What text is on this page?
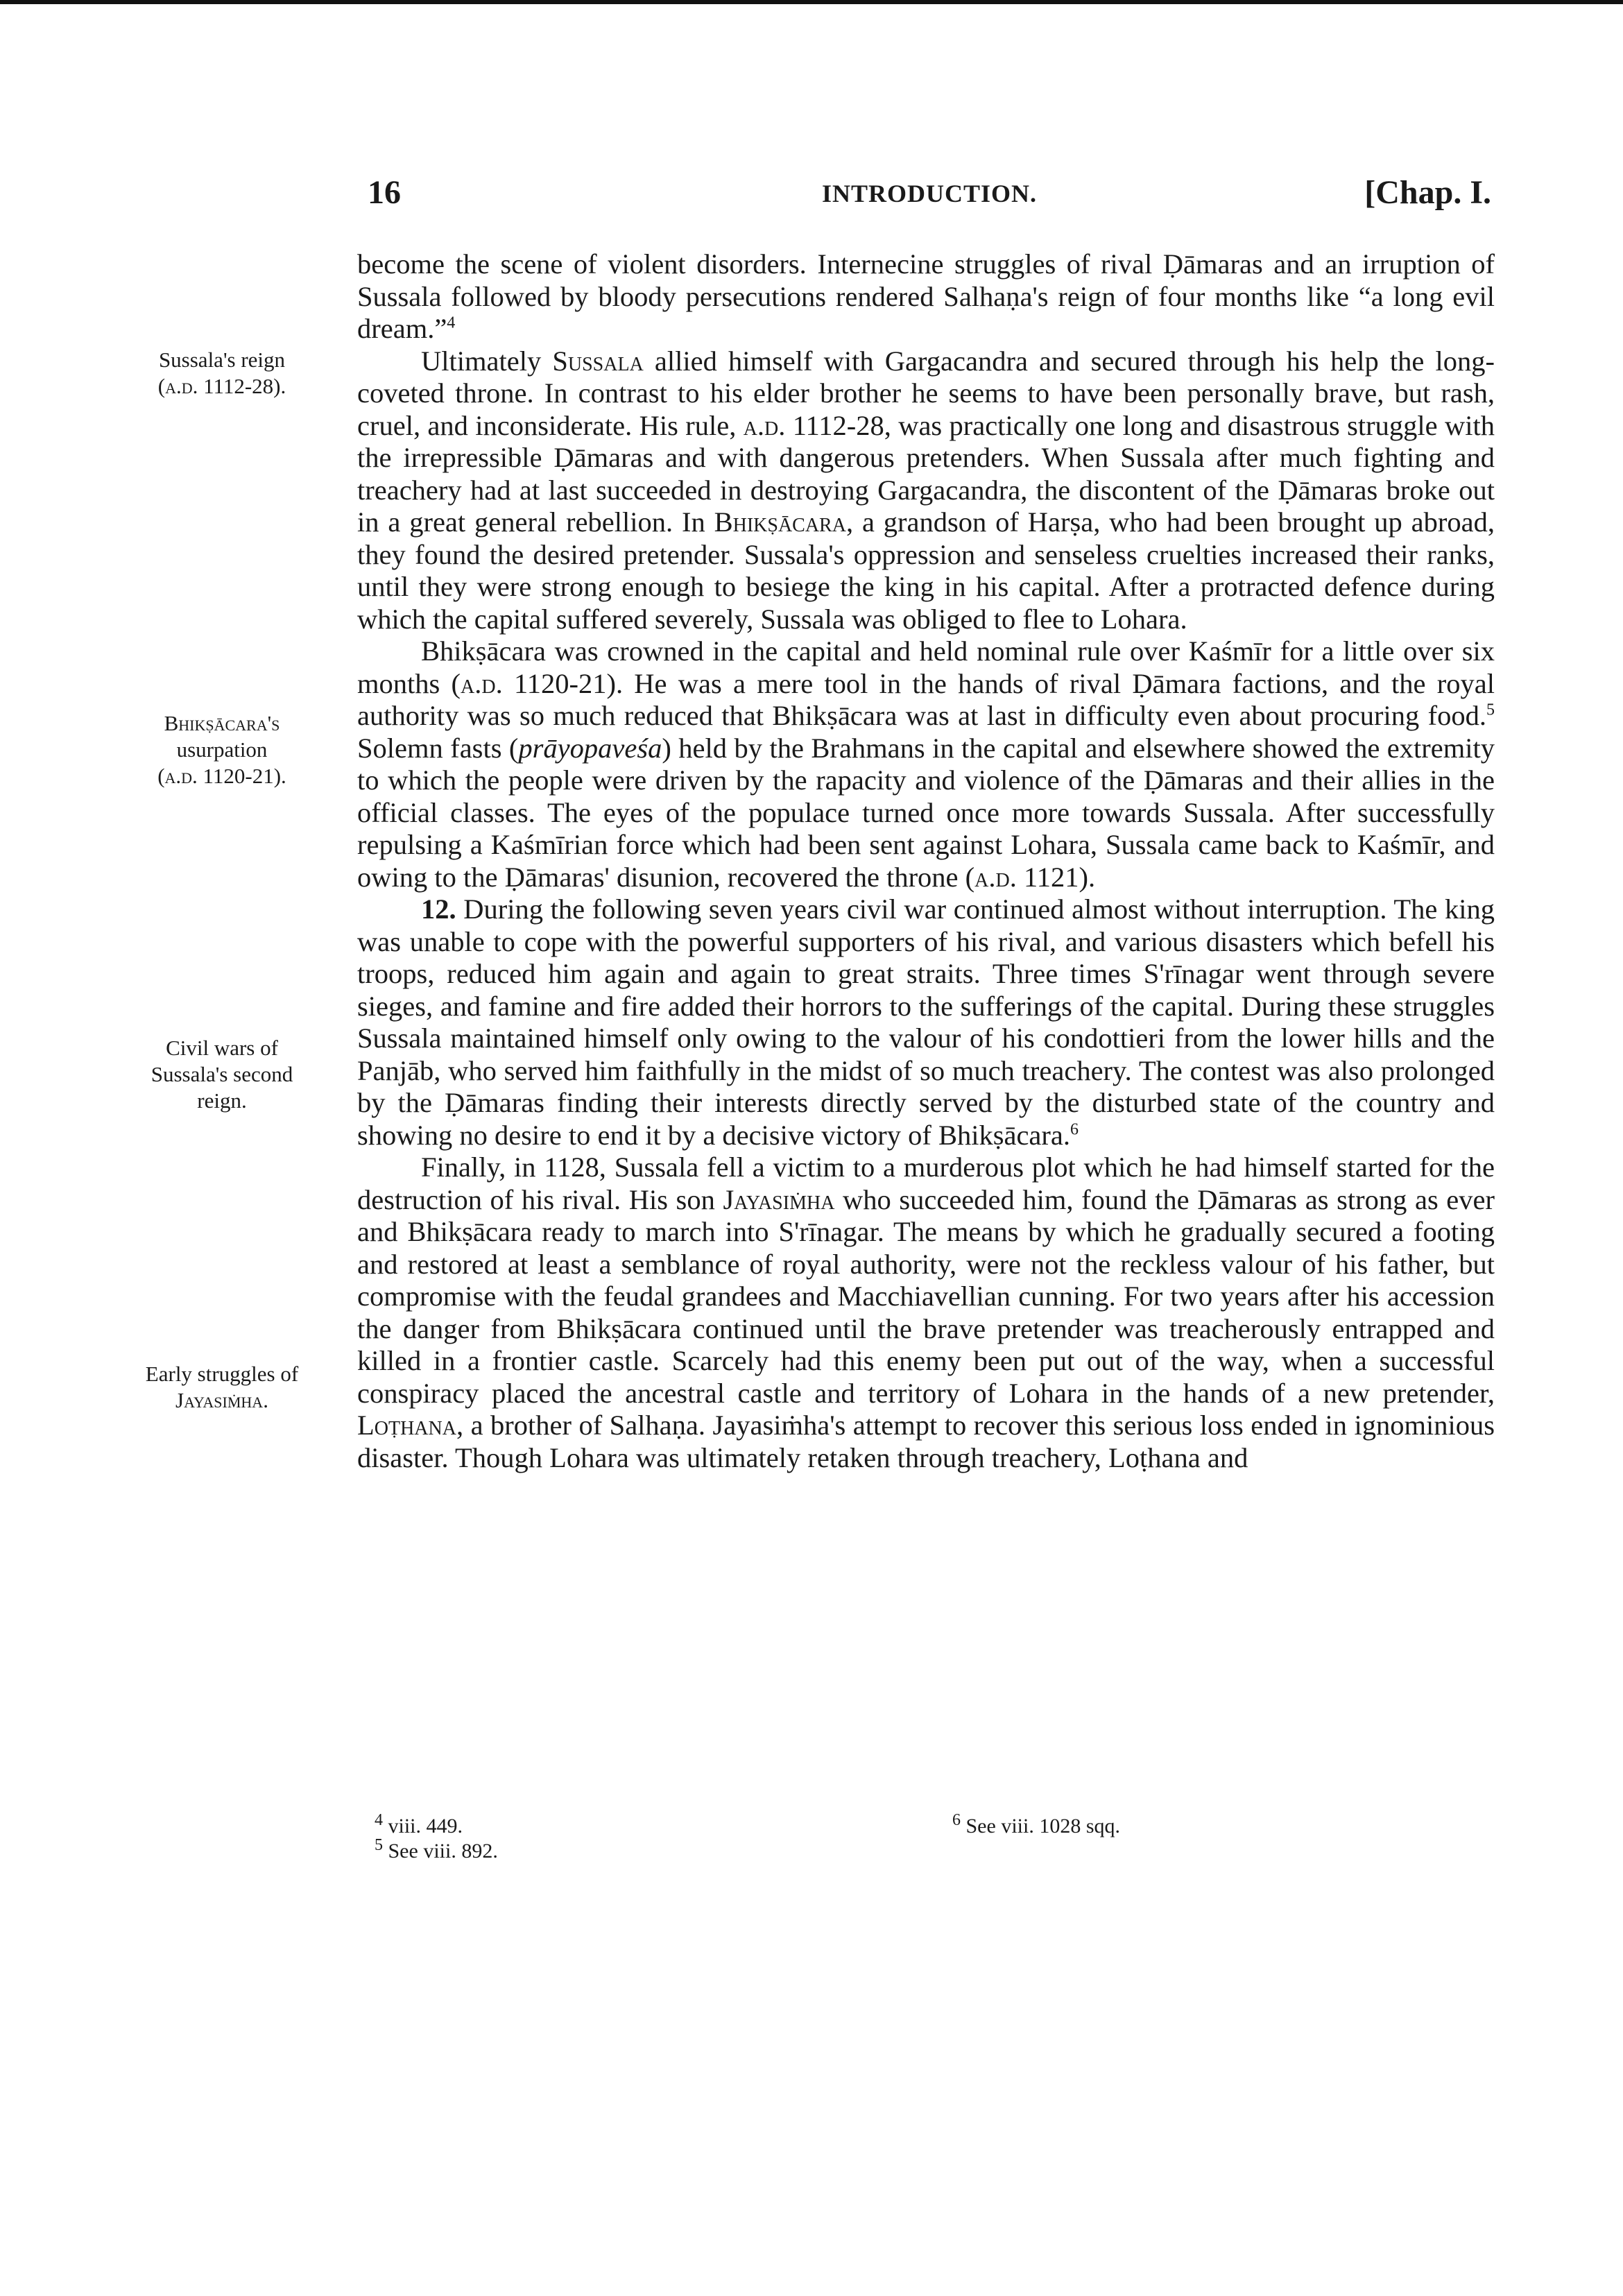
16	INTRODUCTION.	[Chap. I.
Sussala's reign
(a.d. 1112-28).
Bhikṣācara's
usurpation
(a.d. 1120-21).
Civil wars of
Sussala's second
reign.
Early struggles of
Jayasiṁha.

become the scene of violent disorders. Internecine struggles of rival Ḍāmaras and an irruption of Sussala followed by bloody persecutions rendered Salhaṇa's reign of four months like “a long evil dream.”$^4$

Ultimately Sussala allied himself with Gargacandra and secured through his help the long-coveted throne. In contrast to his elder brother he seems to have been personally brave, but rash, cruel, and inconsiderate. His rule, a.d. 1112-28, was practically one long and disastrous struggle with the irrepressible Ḍāmaras and with dangerous pretenders. When Sussala after much fighting and treachery had at last succeeded in destroying Gargacandra, the discontent of the Ḍāmaras broke out in a great general rebellion. In Bhikṣācara, a grandson of Harṣa, who had been brought up abroad, they found the desired pretender. Sussala's oppression and senseless cruelties increased their ranks, until they were strong enough to besiege the king in his capital. After a protracted defence during which the capital suffered severely, Sussala was obliged to flee to Lohara.

Bhikṣācara was crowned in the capital and held nominal rule over Kaśmīr for a little over six months (a.d. 1120-21). He was a mere tool in the hands of rival Ḍāmara factions, and the royal authority was so much reduced that Bhikṣācara was at last in difficulty even about procuring food.$^5$ Solemn fasts (prāyopaveśa) held by the Brahmans in the capital and elsewhere showed the extremity to which the people were driven by the rapacity and violence of the Ḍāmaras and their allies in the official classes. The eyes of the populace turned once more towards Sussala. After successfully repulsing a Kaśmīrian force which had been sent against Lohara, Sussala came back to Kaśmīr, and owing to the Ḍāmaras' disunion, recovered the throne (a.d. 1121).

12. During the following seven years civil war continued almost without interruption. The king was unable to cope with the powerful supporters of his rival, and various disasters which befell his troops, reduced him again and again to great straits. Three times S'rīnagar went through severe sieges, and famine and fire added their horrors to the sufferings of the capital. During these struggles Sussala maintained himself only owing to the valour of his condottieri from the lower hills and the Panjāb, who served him faithfully in the midst of so much treachery. The contest was also prolonged by the Ḍāmaras finding their interests directly served by the disturbed state of the country and showing no desire to end it by a decisive victory of Bhikṣācara.$^6$

Finally, in 1128, Sussala fell a victim to a murderous plot which he had himself started for the destruction of his rival. His son Jayasiṁha who succeeded him, found the Ḍāmaras as strong as ever and Bhikṣācara ready to march into S'rīnagar. The means by which he gradually secured a footing and restored at least a semblance of royal authority, were not the reckless valour of his father, but compromise with the feudal grandees and Macchiavellian cunning. For two years after his accession the danger from Bhikṣācara continued until the brave pretender was treacherously entrapped and killed in a frontier castle. Scarcely had this enemy been put out of the way, when a successful conspiracy placed the ancestral castle and territory of Lohara in the hands of a new pretender, Loṭhana, a brother of Salhaṇa. Jayasiṁha's attempt to recover this serious loss ended in ignominious disaster. Though Lohara was ultimately retaken through treachery, Loṭhana and

$^4$ viii. 449.
$^5$ See viii. 892.
$^6$ See viii. 1028 sqq.
